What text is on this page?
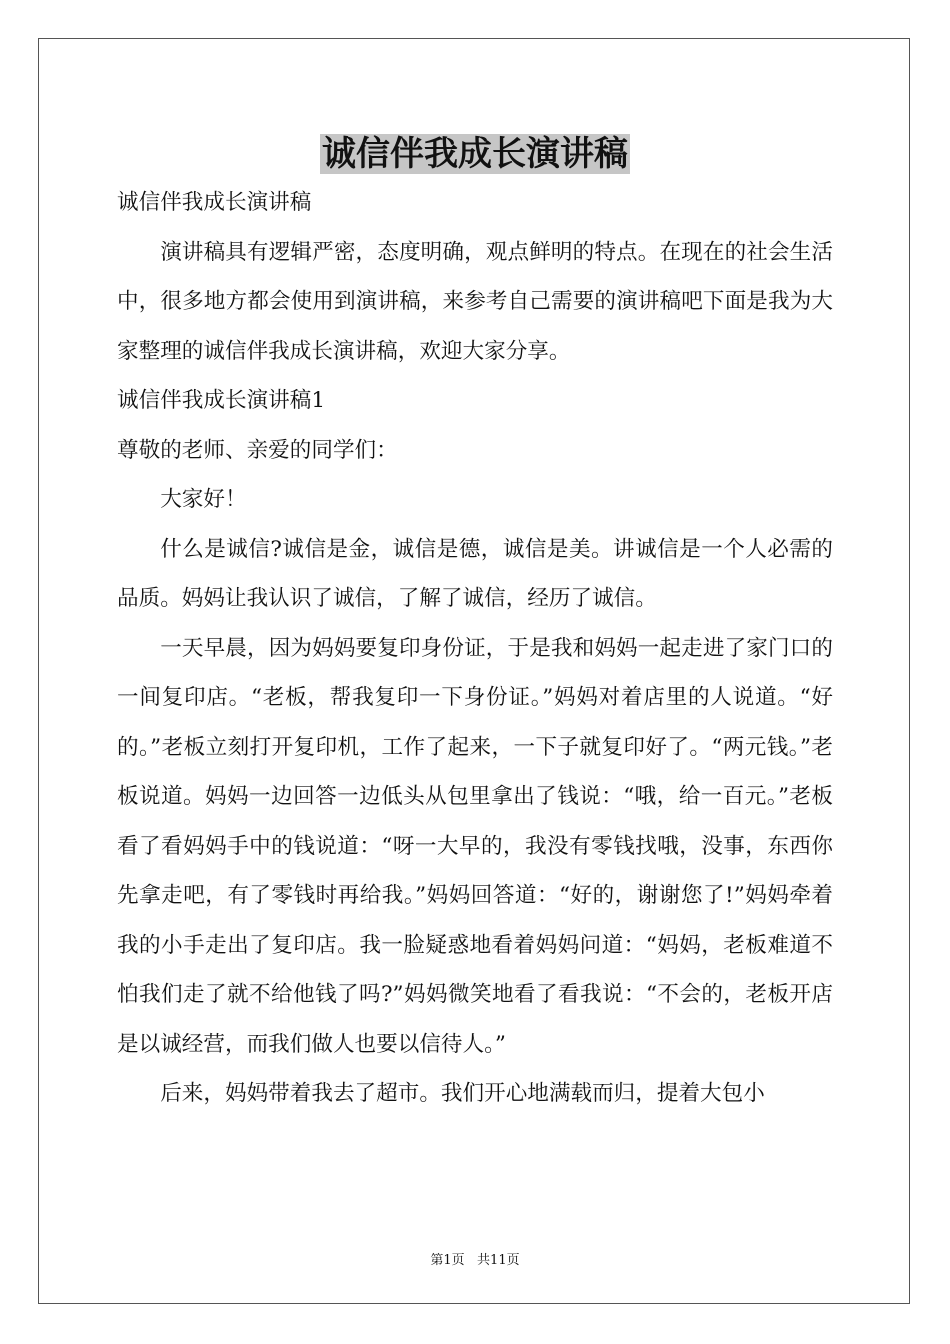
诚信伴我成长演讲稿

诚信伴我成长演讲稿

演讲稿具有逻辑严密，态度明确，观点鲜明的特点。在现在的社会生活中，很多地方都会使用到演讲稿，来参考自己需要的演讲稿吧下面是我为大家整理的诚信伴我成长演讲稿，欢迎大家分享。

诚信伴我成长演讲稿1

尊敬的老师、亲爱的同学们：

大家好！

什么是诚信?诚信是金，诚信是德，诚信是美。讲诚信是一个人必需的品质。妈妈让我认识了诚信，了解了诚信，经历了诚信。

一天早晨，因为妈妈要复印身份证，于是我和妈妈一起走进了家门口的一间复印店。“老板，帮我复印一下身份证。”妈妈对着店里的人说道。“好的。”老板立刻打开复印机，工作了起来，一下子就复印好了。“两元钱。”老板说道。妈妈一边回答一边低头从包里拿出了钱说：“哦，给一百元。”老板看了看妈妈手中的钱说道：“呀一大早的，我没有零钱找哦，没事，东西你先拿走吧，有了零钱时再给我。”妈妈回答道：“好的，谢谢您了!”妈妈牵着我的小手走出了复印店。我一脸疑惑地看着妈妈问道：“妈妈，老板难道不怕我们走了就不给他钱了吗?”妈妈微笑地看了看我说：“不会的，老板开店是以诚经营，而我们做人也要以信待人。”

后来，妈妈带着我去了超市。我们开心地满载而归，提着大包小

第1页   共11页
